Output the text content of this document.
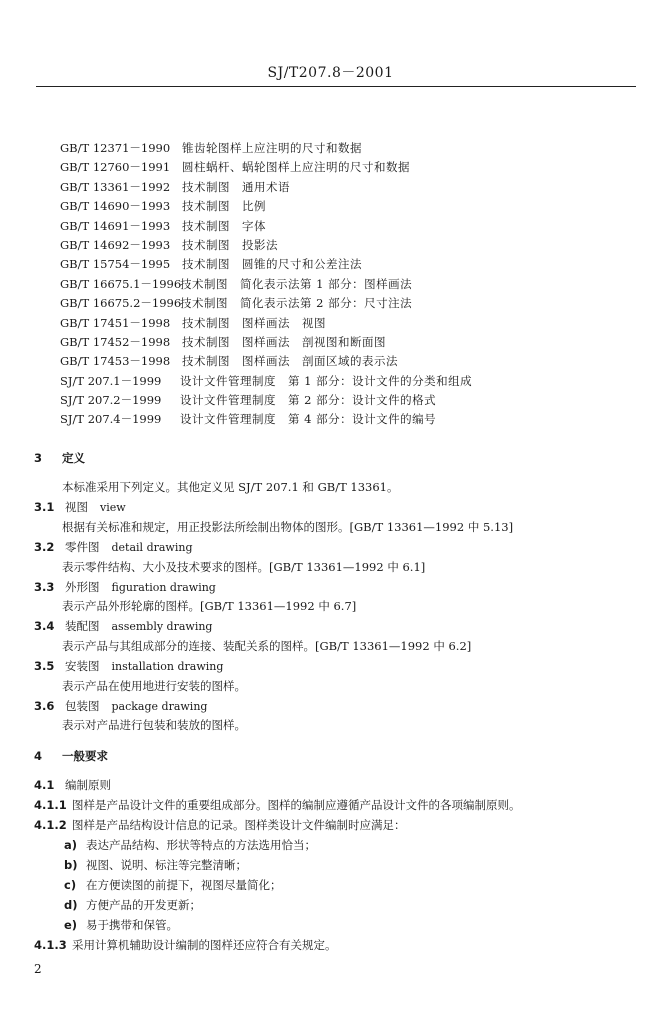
SJ/T207.8－2001
GB/T 12371－1990 锥齿轮图样上应注明的尺寸和数据
GB/T 12760－1991 圆柱蜗杆、蜗轮图样上应注明的尺寸和数据
GB/T 13361－1992 技术制图　通用术语
GB/T 14690－1993 技术制图　比例
GB/T 14691－1993 技术制图　字体
GB/T 14692－1993 技术制图　投影法
GB/T 15754－1995 技术制图　圆锥的尺寸和公差注法
GB/T 16675.1－1996技术制图　简化表示法第 1 部分：图样画法
GB/T 16675.2－1996技术制图　简化表示法第 2 部分：尺寸注法
GB/T 17451－1998 技术制图　图样画法　视图
GB/T 17452－1998 技术制图　图样画法　剖视图和断面图
GB/T 17453－1998 技术制图　图样画法　剖面区域的表示法
SJ/T 207.1－1999 设计文件管理制度　第 1 部分：设计文件的分类和组成
SJ/T 207.2－1999 设计文件管理制度　第 2 部分：设计文件的格式
SJ/T 207.4－1999 设计文件管理制度　第 4 部分：设计文件的编号
3 定义
本标准采用下列定义。其他定义见 SJ/T 207.1 和 GB/T 13361。
3.1 视图 view
根据有关标准和规定，用正投影法所绘制出物体的图形。[GB/T 13361—1992 中 5.13]
3.2 零件图 detail drawing
表示零件结构、大小及技术要求的图样。[GB/T 13361—1992 中 6.1]
3.3 外形图 figuration drawing
表示产品外形轮廓的图样。[GB/T 13361—1992 中 6.7]
3.4 装配图 assembly drawing
表示产品与其组成部分的连接、装配关系的图样。[GB/T 13361—1992 中 6.2]
3.5 安装图 installation drawing
表示产品在使用地进行安装的图样。
3.6 包装图 package drawing
表示对产品进行包装和装放的图样。
4 一般要求
4.1 编制原则
4.1.1 图样是产品设计文件的重要组成部分。图样的编制应遵循产品设计文件的各项编制原则。
4.1.2 图样是产品结构设计信息的记录。图样类设计文件编制时应满足：
a) 表达产品结构、形状等特点的方法选用恰当；
b) 视图、说明、标注等完整清晰；
c) 在方便读图的前提下，视图尽量简化；
d) 方便产品的开发更新；
e) 易于携带和保管。
4.1.3 采用计算机辅助设计编制的图样还应符合有关规定。
2
